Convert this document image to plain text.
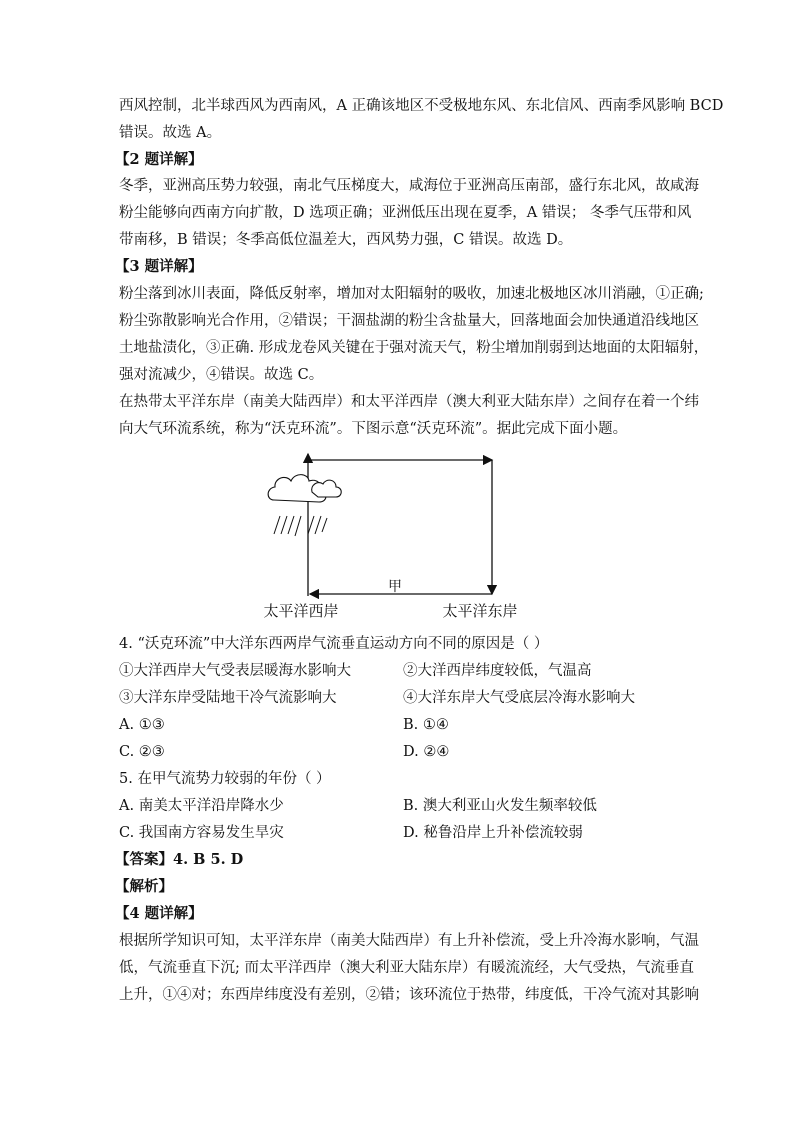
西风控制，北半球西风为西南风，A 正确该地区不受极地东风、东北信风、西南季风影响 BCD
错误。故选 A。
【2 题详解】
冬季，亚洲高压势力较强，南北气压梯度大，咸海位于亚洲高压南部，盛行东北风，故咸海
粉尘能够向西南方向扩散，D 选项正确；亚洲低压出现在夏季，A 错误； 冬季气压带和风
带南移，B 错误；冬季高低位温差大，西风势力强，C 错误。故选 D。
【3 题详解】
粉尘落到冰川表面，降低反射率，增加对太阳辐射的吸收，加速北极地区冰川消融，①正确;
粉尘弥散影响光合作用，②错误；干涸盐湖的粉尘含盐量大，回落地面会加快通道沿线地区
土地盐渍化，③正确. 形成龙卷风关键在于强对流天气，粉尘增加削弱到达地面的太阳辐射，
强对流减少，④错误。故选 C。
在热带太平洋东岸（南美大陆西岸）和太平洋西岸（澳大利亚大陆东岸）之间存在着一个纬
向大气环流系统，称为“沃克环流”。下图示意“沃克环流”。据此完成下面小题。
甲
太平洋西岸	太平洋东岸
4. “沃克环流”中大洋东西两岸气流垂直运动方向不同的原因是（ ）
①大洋西岸大气受表层暖海水影响大	②大洋西岸纬度较低，气温高
③大洋东岸受陆地干冷气流影响大	④大洋东岸大气受底层冷海水影响大
A. ①③	B. ①④
C. ②③	D. ②④
5. 在甲气流势力较弱的年份（ ）
A. 南美太平洋沿岸降水少	B. 澳大利亚山火发生频率较低
C. 我国南方容易发生旱灾	D. 秘鲁沿岸上升补偿流较弱
【答案】4. B 5. D
【解析】
【4 题详解】
根据所学知识可知，太平洋东岸（南美大陆西岸）有上升补偿流，受上升冷海水影响，气温
低，气流垂直下沉; 而太平洋西岸（澳大利亚大陆东岸）有暖流流经，大气受热，气流垂直
上升，①④对；东西岸纬度没有差别，②错；该环流位于热带，纬度低，干冷气流对其影响
